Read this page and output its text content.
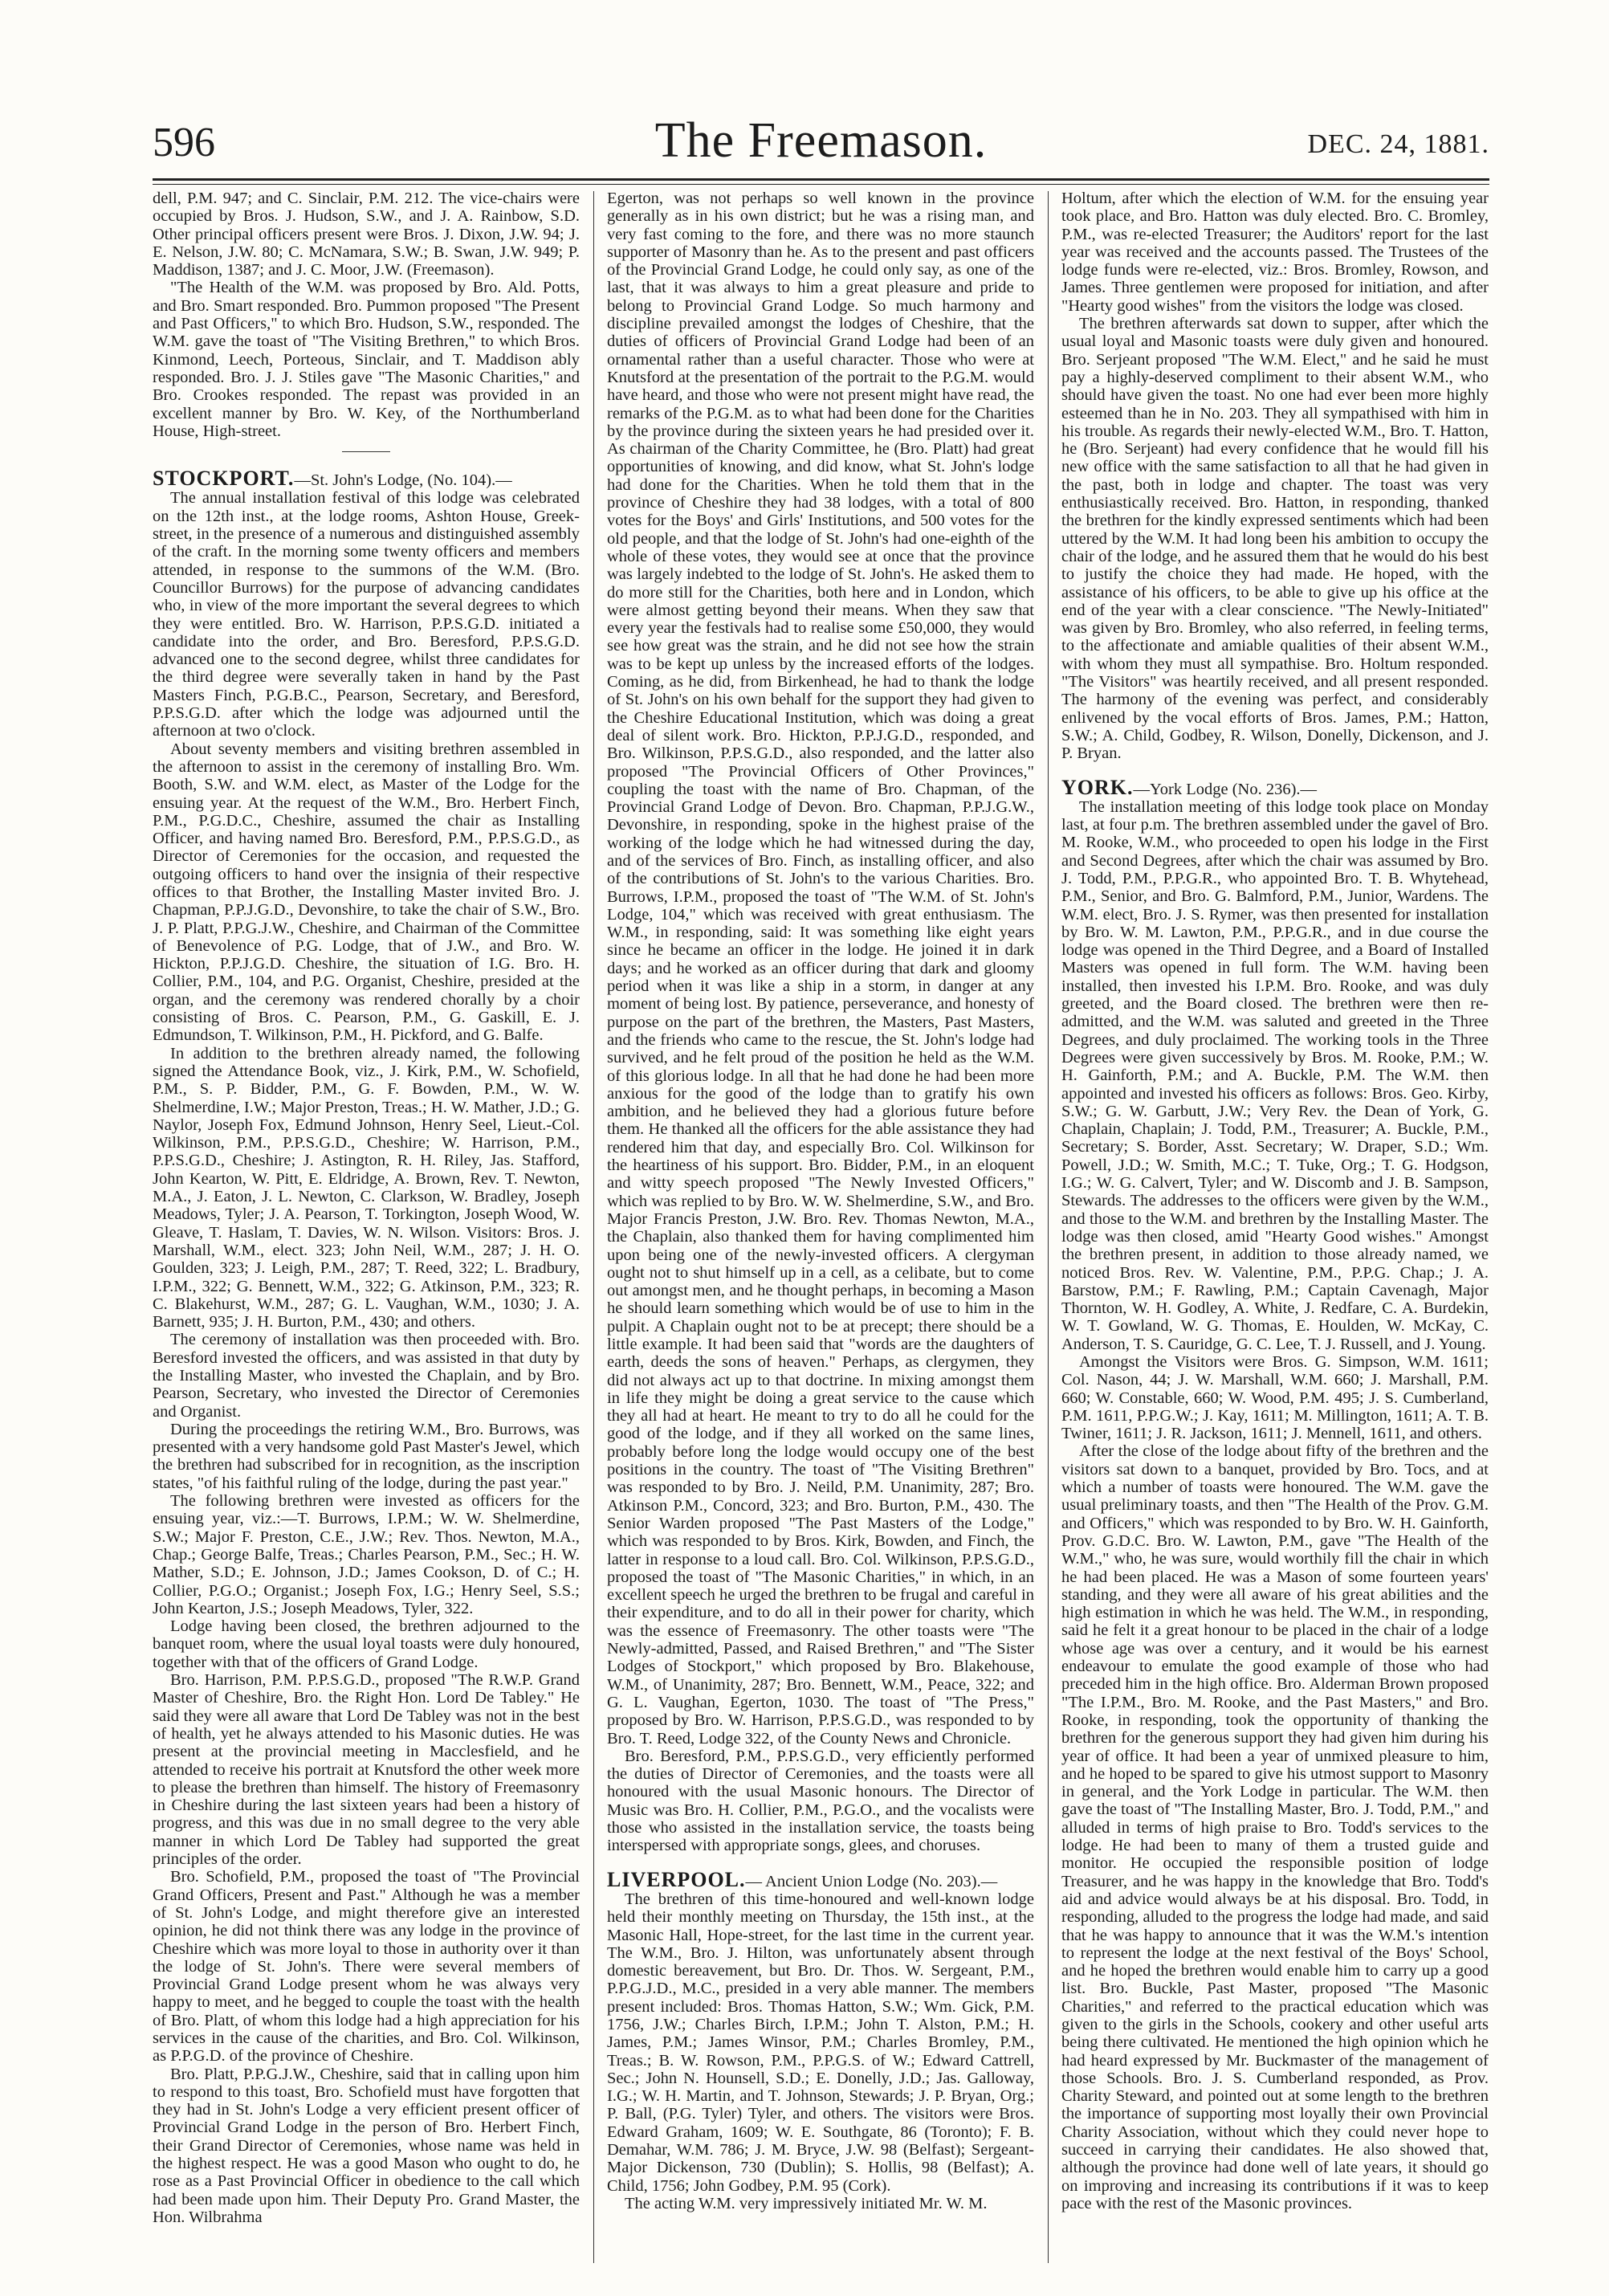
596	The Freemason.	DEC. 24, 1881.

dell, P.M. 947; and C. Sinclair, P.M. 212. The vice-chairs were occupied by Bros. J. Hudson, S.W., and J. A. Rainbow, S.D. Other principal officers present were Bros. J. Dixon, J.W. 94; J. E. Nelson, J.W. 80; C. McNamara, S.W.; B. Swan, J.W. 949; P. Maddison, 1387; and J. C. Moor, J.W. (Freemason).

"The Health of the W.M. was proposed by Bro. Ald. Potts, and Bro. Smart responded. Bro. Pummon proposed "The Present and Past Officers," to which Bro. Hudson, S.W., responded. The W.M. gave the toast of "The Visiting Brethren," to which Bros. Kinmond, Leech, Porteous, Sinclair, and T. Maddison ably responded. Bro. J. J. Stiles gave "The Masonic Charities," and Bro. Crookes responded. The repast was provided in an excellent manner by Bro. W. Key, of the Northumberland House, High-street.

STOCKPORT.—St. John's Lodge, (No. 104).—

The annual installation festival of this lodge was celebrated on the 12th inst., at the lodge rooms, Ashton House, Greek-street, in the presence of a numerous and distinguished assembly of the craft. In the morning some twenty officers and members attended, in response to the summons of the W.M. (Bro. Councillor Burrows) for the purpose of advancing candidates who, in view of the more important the several degrees to which they were entitled. Bro. W. Harrison, P.P.S.G.D. initiated a candidate into the order, and Bro. Beresford, P.P.S.G.D. advanced one to the second degree, whilst three candidates for the third degree were severally taken in hand by the Past Masters Finch, P.G.B.C., Pearson, Secretary, and Beresford, P.P.S.G.D. after which the lodge was adjourned until the afternoon at two o'clock.

About seventy members and visiting brethren assembled in the afternoon to assist in the ceremony of installing Bro. Wm. Booth, S.W. and W.M. elect, as Master of the Lodge for the ensuing year. At the request of the W.M., Bro. Herbert Finch, P.M., P.G.D.C., Cheshire, assumed the chair as Installing Officer, and having named Bro. Beresford, P.M., P.P.S.G.D., as Director of Ceremonies for the occasion, and requested the outgoing officers to hand over the insignia of their respective offices to that Brother, the Installing Master invited Bro. J. Chapman, P.P.J.G.D., Devonshire, to take the chair of S.W., Bro. J. P. Platt, P.P.G.J.W., Cheshire, and Chairman of the Committee of Benevolence of P.G. Lodge, that of J.W., and Bro. W. Hickton, P.P.J.G.D. Cheshire, the situation of I.G. Bro. H. Collier, P.M., 104, and P.G. Organist, Cheshire, presided at the organ, and the ceremony was rendered chorally by a choir consisting of Bros. C. Pearson, P.M., G. Gaskill, E. J. Edmundson, T. Wilkinson, P.M., H. Pickford, and G. Balfe.

In addition to the brethren already named, the following signed the Attendance Book, viz., J. Kirk, P.M., W. Schofield, P.M., S. P. Bidder, P.M., G. F. Bowden, P.M., W. W. Shelmerdine, I.W.; Major Preston, Treas.; H. W. Mather, J.D.; G. Naylor, Joseph Fox, Edmund Johnson, Henry Seel, Lieut.-Col. Wilkinson, P.M., P.P.S.G.D., Cheshire; W. Harrison, P.M., P.P.S.G.D., Cheshire; J. Astington, R. H. Riley, Jas. Stafford, John Kearton, W. Pitt, E. Eldridge, A. Brown, Rev. T. Newton, M.A., J. Eaton, J. L. Newton, C. Clarkson, W. Bradley, Joseph Meadows, Tyler; J. A. Pearson, T. Torkington, Joseph Wood, W. Gleave, T. Haslam, T. Davies, W. N. Wilson. Visitors: Bros. J. Marshall, W.M., elect. 323; John Neil, W.M., 287; J. H. O. Goulden, 323; J. Leigh, P.M., 287; T. Reed, 322; L. Bradbury, I.P.M., 322; G. Bennett, W.M., 322; G. Atkinson, P.M., 323; R. C. Blakehurst, W.M., 287; G. L. Vaughan, W.M., 1030; J. A. Barnett, 935; J. H. Burton, P.M., 430; and others.

The ceremony of installation was then proceeded with. Bro. Beresford invested the officers, and was assisted in that duty by the Installing Master, who invested the Chaplain, and by Bro. Pearson, Secretary, who invested the Director of Ceremonies and Organist.

During the proceedings the retiring W.M., Bro. Burrows, was presented with a very handsome gold Past Master's Jewel, which the brethren had subscribed for in recognition, as the inscription states, "of his faithful ruling of the lodge, during the past year."

The following brethren were invested as officers for the ensuing year, viz.:—T. Burrows, I.P.M.; W. W. Shelmerdine, S.W.; Major F. Preston, C.E., J.W.; Rev. Thos. Newton, M.A., Chap.; George Balfe, Treas.; Charles Pearson, P.M., Sec.; H. W. Mather, S.D.; E. Johnson, J.D.; James Cookson, D. of C.; H. Collier, P.G.O.; Organist.; Joseph Fox, I.G.; Henry Seel, S.S.; John Kearton, J.S.; Joseph Meadows, Tyler, 322.

Lodge having been closed, the brethren adjourned to the banquet room, where the usual loyal toasts were duly honoured, together with that of the officers of Grand Lodge.

Bro. Harrison, P.M. P.P.S.G.D., proposed "The R.W.P. Grand Master of Cheshire, Bro. the Right Hon. Lord De Tabley." He said they were all aware that Lord De Tabley was not in the best of health, yet he always attended to his Masonic duties. He was present at the provincial meeting in Macclesfield, and he attended to receive his portrait at Knutsford the other week more to please the brethren than himself. The history of Freemasonry in Cheshire during the last sixteen years had been a history of progress, and this was due in no small degree to the very able manner in which Lord De Tabley had supported the great principles of the order.

Bro. Schofield, P.M., proposed the toast of "The Provincial Grand Officers, Present and Past." Although he was a member of St. John's Lodge, and might therefore give an interested opinion, he did not think there was any lodge in the province of Cheshire which was more loyal to those in authority over it than the lodge of St. John's. There were several members of Provincial Grand Lodge present whom he was always very happy to meet, and he begged to couple the toast with the health of Bro. Platt, of whom this lodge had a high appreciation for his services in the cause of the charities, and Bro. Col. Wilkinson, as P.P.G.D. of the province of Cheshire.

Bro. Platt, P.P.G.J.W., Cheshire, said that in calling upon him to respond to this toast, Bro. Schofield must have forgotten that they had in St. John's Lodge a very efficient present officer of Provincial Grand Lodge in the person of Bro. Herbert Finch, their Grand Director of Ceremonies, whose name was held in the highest respect. He was a good Mason who ought to do, he rose as a Past Provincial Officer in obedience to the call which had been made upon him. Their Deputy Pro. Grand Master, the Hon. Wilbrahma

Egerton, was not perhaps so well known in the province generally as in his own district; but he was a rising man, and very fast coming to the fore, and there was no more staunch supporter of Masonry than he. As to the present and past officers of the Provincial Grand Lodge, he could only say, as one of the last, that it was always to him a great pleasure and pride to belong to Provincial Grand Lodge. So much harmony and discipline prevailed amongst the lodges of Cheshire, that the duties of officers of Provincial Grand Lodge had been of an ornamental rather than a useful character. Those who were at Knutsford at the presentation of the portrait to the P.G.M. would have heard, and those who were not present might have read, the remarks of the P.G.M. as to what had been done for the Charities by the province during the sixteen years he had presided over it. As chairman of the Charity Committee, he (Bro. Platt) had great opportunities of knowing, and did know, what St. John's lodge had done for the Charities. When he told them that in the province of Cheshire they had 38 lodges, with a total of 800 votes for the Boys' and Girls' Institutions, and 500 votes for the old people, and that the lodge of St. John's had one-eighth of the whole of these votes, they would see at once that the province was largely indebted to the lodge of St. John's. He asked them to do more still for the Charities, both here and in London, which were almost getting beyond their means. When they saw that every year the festivals had to realise some £50,000, they would see how great was the strain, and he did not see how the strain was to be kept up unless by the increased efforts of the lodges. Coming, as he did, from Birkenhead, he had to thank the lodge of St. John's on his own behalf for the support they had given to the Cheshire Educational Institution, which was doing a great deal of silent work. Bro. Hickton, P.P.J.G.D., responded, and Bro. Wilkinson, P.P.S.G.D., also responded, and the latter also proposed "The Provincial Officers of Other Provinces," coupling the toast with the name of Bro. Chapman, of the Provincial Grand Lodge of Devon. Bro. Chapman, P.P.J.G.W., Devonshire, in responding, spoke in the highest praise of the working of the lodge which he had witnessed during the day, and of the services of Bro. Finch, as installing officer, and also of the contributions of St. John's to the various Charities. Bro. Burrows, I.P.M., proposed the toast of "The W.M. of St. John's Lodge, 104," which was received with great enthusiasm. The W.M., in responding, said: It was something like eight years since he became an officer in the lodge. He joined it in dark days; and he worked as an officer during that dark and gloomy period when it was like a ship in a storm, in danger at any moment of being lost. By patience, perseverance, and honesty of purpose on the part of the brethren, the Masters, Past Masters, and the friends who came to the rescue, the St. John's lodge had survived, and he felt proud of the position he held as the W.M. of this glorious lodge. In all that he had done he had been more anxious for the good of the lodge than to gratify his own ambition, and he believed they had a glorious future before them. He thanked all the officers for the able assistance they had rendered him that day, and especially Bro. Col. Wilkinson for the heartiness of his support. Bro. Bidder, P.M., in an eloquent and witty speech proposed "The Newly Invested Officers," which was replied to by Bro. W. W. Shelmerdine, S.W., and Bro. Major Francis Preston, J.W. Bro. Rev. Thomas Newton, M.A., the Chaplain, also thanked them for having complimented him upon being one of the newly-invested officers. A clergyman ought not to shut himself up in a cell, as a celibate, but to come out amongst men, and he thought perhaps, in becoming a Mason he should learn something which would be of use to him in the pulpit. A Chaplain ought not to be at precept; there should be a little example. It had been said that "words are the daughters of earth, deeds the sons of heaven." Perhaps, as clergymen, they did not always act up to that doctrine. In mixing amongst them in life they might be doing a great service to the cause which they all had at heart. He meant to try to do all he could for the good of the lodge, and if they all worked on the same lines, probably before long the lodge would occupy one of the best positions in the country. The toast of "The Visiting Brethren" was responded to by Bro. J. Neild, P.M. Unanimity, 287; Bro. Atkinson P.M., Concord, 323; and Bro. Burton, P.M., 430. The Senior Warden proposed "The Past Masters of the Lodge," which was responded to by Bros. Kirk, Bowden, and Finch, the latter in response to a loud call. Bro. Col. Wilkinson, P.P.S.G.D., proposed the toast of "The Masonic Charities," in which, in an excellent speech he urged the brethren to be frugal and careful in their expenditure, and to do all in their power for charity, which was the essence of Freemasonry. The other toasts were "The Newly-admitted, Passed, and Raised Brethren," and "The Sister Lodges of Stockport," which proposed by Bro. Blakehouse, W.M., of Unanimity, 287; Bro. Bennett, W.M., Peace, 322; and G. L. Vaughan, Egerton, 1030. The toast of "The Press," proposed by Bro. W. Harrison, P.P.S.G.D., was responded to by Bro. T. Reed, Lodge 322, of the County News and Chronicle.

Bro. Beresford, P.M., P.P.S.G.D., very efficiently performed the duties of Director of Ceremonies, and the toasts were all honoured with the usual Masonic honours. The Director of Music was Bro. H. Collier, P.M., P.G.O., and the vocalists were those who assisted in the installation service, the toasts being interspersed with appropriate songs, glees, and choruses.

LIVERPOOL.— Ancient Union Lodge (No. 203).—

The brethren of this time-honoured and well-known lodge held their monthly meeting on Thursday, the 15th inst., at the Masonic Hall, Hope-street, for the last time in the current year. The W.M., Bro. J. Hilton, was unfortunately absent through domestic bereavement, but Bro. Dr. Thos. W. Sergeant, P.M., P.P.G.J.D., M.C., presided in a very able manner. The members present included: Bros. Thomas Hatton, S.W.; Wm. Gick, P.M. 1756, J.W.; Charles Birch, I.P.M.; John T. Alston, P.M.; H. James, P.M.; James Winsor, P.M.; Charles Bromley, P.M., Treas.; B. W. Rowson, P.M., P.P.G.S. of W.; Edward Cattrell, Sec.; John N. Hounsell, S.D.; E. Donelly, J.D.; Jas. Galloway, I.G.; W. H. Martin, and T. Johnson, Stewards; J. P. Bryan, Org.; P. Ball, (P.G. Tyler) Tyler, and others. The visitors were Bros. Edward Graham, 1609; W. E. Southgate, 86 (Toronto); F. B. Demahar, W.M. 786; J. M. Bryce, J.W. 98 (Belfast); Sergeant-Major Dickenson, 730 (Dublin); S. Hollis, 98 (Belfast); A. Child, 1756; John Godbey, P.M. 95 (Cork).

The acting W.M. very impressively initiated Mr. W. M.

Holtum, after which the election of W.M. for the ensuing year took place, and Bro. Hatton was duly elected. Bro. C. Bromley, P.M., was re-elected Treasurer; the Auditors' report for the last year was received and the accounts passed. The Trustees of the lodge funds were re-elected, viz.: Bros. Bromley, Rowson, and James. Three gentlemen were proposed for initiation, and after "Hearty good wishes" from the visitors the lodge was closed.

The brethren afterwards sat down to supper, after which the usual loyal and Masonic toasts were duly given and honoured. Bro. Serjeant proposed "The W.M. Elect," and he said he must pay a highly-deserved compliment to their absent W.M., who should have given the toast. No one had ever been more highly esteemed than he in No. 203. They all sympathised with him in his trouble. As regards their newly-elected W.M., Bro. T. Hatton, he (Bro. Serjeant) had every confidence that he would fill his new office with the same satisfaction to all that he had given in the past, both in lodge and chapter. The toast was very enthusiastically received. Bro. Hatton, in responding, thanked the brethren for the kindly expressed sentiments which had been uttered by the W.M. It had long been his ambition to occupy the chair of the lodge, and he assured them that he would do his best to justify the choice they had made. He hoped, with the assistance of his officers, to be able to give up his office at the end of the year with a clear conscience. "The Newly-Initiated" was given by Bro. Bromley, who also referred, in feeling terms, to the affectionate and amiable qualities of their absent W.M., with whom they must all sympathise. Bro. Holtum responded. "The Visitors" was heartily received, and all present responded. The harmony of the evening was perfect, and considerably enlivened by the vocal efforts of Bros. James, P.M.; Hatton, S.W.; A. Child, Godbey, R. Wilson, Donelly, Dickenson, and J. P. Bryan.

YORK.—York Lodge (No. 236).—

The installation meeting of this lodge took place on Monday last, at four p.m. The brethren assembled under the gavel of Bro. M. Rooke, W.M., who proceeded to open his lodge in the First and Second Degrees, after which the chair was assumed by Bro. J. Todd, P.M., P.P.G.R., who appointed Bro. T. B. Whytehead, P.M., Senior, and Bro. G. Balmford, P.M., Junior, Wardens. The W.M. elect, Bro. J. S. Rymer, was then presented for installation by Bro. W. M. Lawton, P.M., P.P.G.R., and in due course the lodge was opened in the Third Degree, and a Board of Installed Masters was opened in full form. The W.M. having been installed, then invested his I.P.M. Bro. Rooke, and was duly greeted, and the Board closed. The brethren were then re-admitted, and the W.M. was saluted and greeted in the Three Degrees, and duly proclaimed. The working tools in the Three Degrees were given successively by Bros. M. Rooke, P.M.; W. H. Gainforth, P.M.; and A. Buckle, P.M. The W.M. then appointed and invested his officers as follows: Bros. Geo. Kirby, S.W.; G. W. Garbutt, J.W.; Very Rev. the Dean of York, G. Chaplain, Chaplain; J. Todd, P.M., Treasurer; A. Buckle, P.M., Secretary; S. Border, Asst. Secretary; W. Draper, S.D.; Wm. Powell, J.D.; W. Smith, M.C.; T. Tuke, Org.; T. G. Hodgson, I.G.; W. G. Calvert, Tyler; and W. Discomb and J. B. Sampson, Stewards. The addresses to the officers were given by the W.M., and those to the W.M. and brethren by the Installing Master. The lodge was then closed, amid "Hearty Good wishes." Amongst the brethren present, in addition to those already named, we noticed Bros. Rev. W. Valentine, P.M., P.P.G. Chap.; J. A. Barstow, P.M.; F. Rawling, P.M.; Captain Cavenagh, Major Thornton, W. H. Godley, A. White, J. Redfare, C. A. Burdekin, W. T. Gowland, W. G. Thomas, E. Houlden, W. McKay, C. Anderson, T. S. Cauridge, G. C. Lee, T. J. Russell, and J. Young.

Amongst the Visitors were Bros. G. Simpson, W.M. 1611; Col. Nason, 44; J. W. Marshall, W.M. 660; J. Marshall, P.M. 660; W. Constable, 660; W. Wood, P.M. 495; J. S. Cumberland, P.M. 1611, P.P.G.W.; J. Kay, 1611; M. Millington, 1611; A. T. B. Twiner, 1611; J. R. Jackson, 1611; J. Mennell, 1611, and others.

After the close of the lodge about fifty of the brethren and the visitors sat down to a banquet, provided by Bro. Tocs, and at which a number of toasts were honoured. The W.M. gave the usual preliminary toasts, and then "The Health of the Prov. G.M. and Officers," which was responded to by Bro. W. H. Gainforth, Prov. G.D.C. Bro. W. Lawton, P.M., gave "The Health of the W.M.," who, he was sure, would worthily fill the chair in which he had been placed. He was a Mason of some fourteen years' standing, and they were all aware of his great abilities and the high estimation in which he was held. The W.M., in responding, said he felt it a great honour to be placed in the chair of a lodge whose age was over a century, and it would be his earnest endeavour to emulate the good example of those who had preceded him in the high office. Bro. Alderman Brown proposed "The I.P.M., Bro. M. Rooke, and the Past Masters," and Bro. Rooke, in responding, took the opportunity of thanking the brethren for the generous support they had given him during his year of office. It had been a year of unmixed pleasure to him, and he hoped to be spared to give his utmost support to Masonry in general, and the York Lodge in particular. The W.M. then gave the toast of "The Installing Master, Bro. J. Todd, P.M.," and alluded in terms of high praise to Bro. Todd's services to the lodge. He had been to many of them a trusted guide and monitor. He occupied the responsible position of lodge Treasurer, and he was happy in the knowledge that Bro. Todd's aid and advice would always be at his disposal. Bro. Todd, in responding, alluded to the progress the lodge had made, and said that he was happy to announce that it was the W.M.'s intention to represent the lodge at the next festival of the Boys' School, and he hoped the brethren would enable him to carry up a good list. Bro. Buckle, Past Master, proposed "The Masonic Charities," and referred to the practical education which was given to the girls in the Schools, cookery and other useful arts being there cultivated. He mentioned the high opinion which he had heard expressed by Mr. Buckmaster of the management of those Schools. Bro. J. S. Cumberland responded, as Prov. Charity Steward, and pointed out at some length to the brethren the importance of supporting most loyally their own Provincial Charity Association, without which they could never hope to succeed in carrying their candidates. He also showed that, although the province had done well of late years, it should go on improving and increasing its contributions if it was to keep pace with the rest of the Masonic provinces.
